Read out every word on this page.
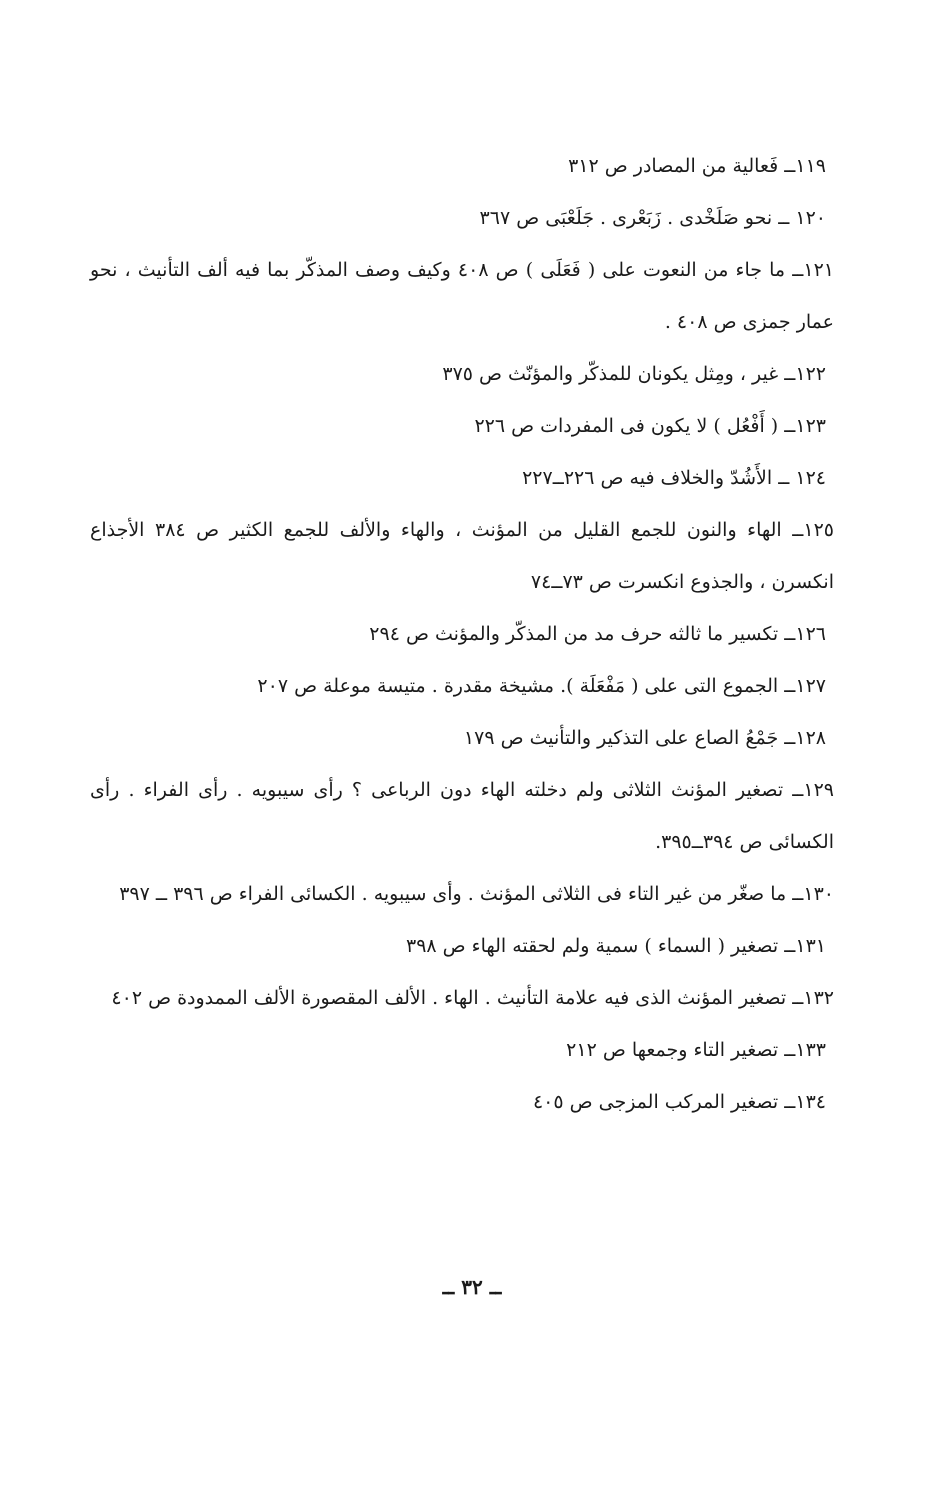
١١٩ــ فَعالية من المصادر ص ٣١٢
١٢٠ ــ نحو صَلَخْدى . زَبَعْرى . جَلَعْبَى ص ٣٦٧
١٢١ــ ما جاء من النعوت على ( فَعَلَى ) ص ٤٠٨ وكيف وصف المذكّر بما فيه ألف التأنيث ، نحو عمار جمزى ص ٤٠٨ .
١٢٢ــ غير ، ومِثل يكونان للمذكّر والمؤنّث ص ٣٧٥
١٢٣ــ ( أَفْعُل ) لا يكون فى المفردات ص ٢٢٦
١٢٤ ــ الأَشُدّ والخلاف فيه ص ٢٢٦ــ٢٢٧
١٢٥ــ الهاء والنون للجمع القليل من المؤنث ، والهاء والألف للجمع الكثير ص ٣٨٤ الأجذاع انكسرن ، والجذوع انكسرت ص ٧٣ــ٧٤
١٢٦ــ تكسير ما ثالثه حرف مد من المذكّر والمؤنث ص ٢٩٤
١٢٧ــ الجموع التى على ( مَفْعَلَة ). مشيخة مقدرة . متيسة موعلة ص ٢٠٧
١٢٨ــ جَمْعُ الصاع على التذكير والتأنيث ص ١٧٩
١٢٩ــ تصغير المؤنث الثلاثى ولم دخلته الهاء دون الرباعى ؟ رأى سيبويه . رأى الفراء . رأى الكسائى ص ٣٩٤ــ٣٩٥.
١٣٠ــ ما صغّر من غير التاء فى الثلاثى المؤنث . وأى سيبويه . الكسائى الفراء ص ٣٩٦ ــ ٣٩٧
١٣١ــ تصغير ( السماء ) سمية ولم لحقته الهاء ص ٣٩٨
١٣٢ــ تصغير المؤنث الذى فيه علامة التأنيث . الهاء . الألف المقصورة الألف الممدودة ص ٤٠٢
١٣٣ــ تصغير التاء وجمعها ص ٢١٢
١٣٤ــ تصغير المركب المزجى ص ٤٠٥
ــ ٣٢ ــ
